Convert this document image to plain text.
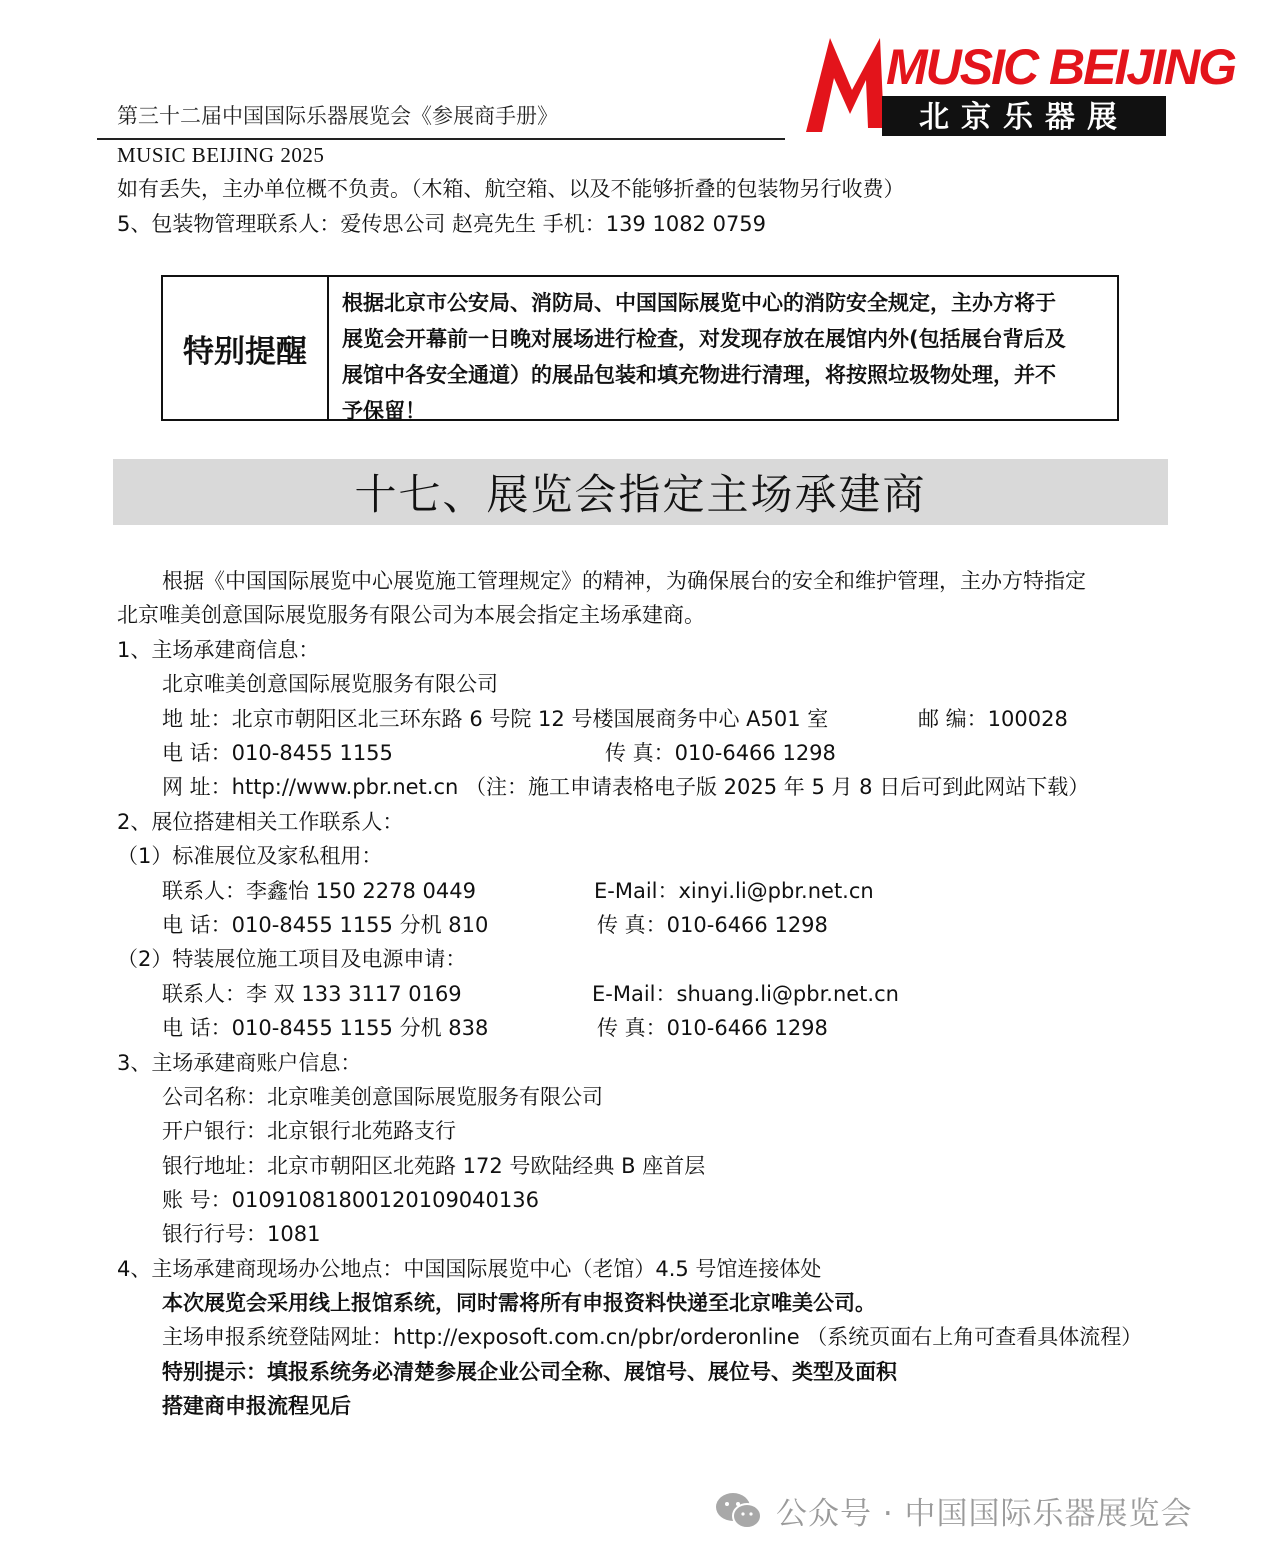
第三十二届中国国际乐器展览会《参展商手册》
MUSIC BEIJING 2025
MUSIC BEIJING
北京乐器展
如有丢失，主办单位概不负责。（木箱、航空箱、以及不能够折叠的包装物另行收费）
5、包装物管理联系人：爱传思公司 赵亮先生 手机：139 1082 0759
特别提醒
根据北京市公安局、消防局、中国国际展览中心的消防安全规定，主办方将于
展览会开幕前一日晚对展场进行检查，对发现存放在展馆内外(包括展台背后及
展馆中各安全通道）的展品包装和填充物进行清理，将按照垃圾物处理，并不
予保留！
十七、展览会指定主场承建商
根据《中国国际展览中心展览施工管理规定》的精神，为确保展台的安全和维护管理，主办方特指定
北京唯美创意国际展览服务有限公司为本展会指定主场承建商。
1、主场承建商信息：
北京唯美创意国际展览服务有限公司
地 址：北京市朝阳区北三环东路 6 号院 12 号楼国展商务中心 A501 室	邮 编：100028
电 话：010-8455 1155	传 真：010-6466 1298
网 址：http://www.pbr.net.cn （注：施工申请表格电子版 2025 年 5 月 8 日后可到此网站下载）
2、展位搭建相关工作联系人：
（1）标准展位及家私租用：
联系人：李鑫怡 150 2278 0449	E-Mail：xinyi.li@pbr.net.cn
电 话：010-8455 1155 分机 810	传 真：010-6466 1298
（2）特装展位施工项目及电源申请：
联系人：李 双 133 3117 0169	E-Mail：shuang.li@pbr.net.cn
电 话：010-8455 1155 分机 838	传 真：010-6466 1298
3、主场承建商账户信息：
公司名称：北京唯美创意国际展览服务有限公司
开户银行：北京银行北苑路支行
银行地址：北京市朝阳区北苑路 172 号欧陆经典 B 座首层
账 号：01091081800120109040136
银行行号：1081
4、主场承建商现场办公地点：中国国际展览中心（老馆）4.5 号馆连接体处
本次展览会采用线上报馆系统，同时需将所有申报资料快递至北京唯美公司。
主场申报系统登陆网址：http://exposoft.com.cn/pbr/orderonline （系统页面右上角可查看具体流程）
特别提示：填报系统务必清楚参展企业公司全称、展馆号、展位号、类型及面积
搭建商申报流程见后
公众号 · 中国国际乐器展览会
